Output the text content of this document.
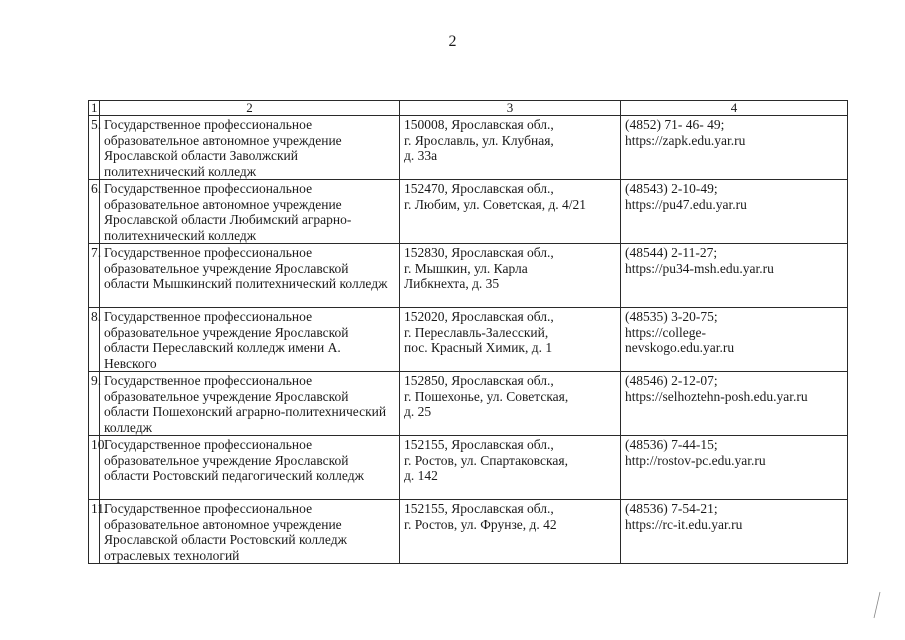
2
1	2	3	4

5.	Государственное профессиональное образовательное автономное учреждение Ярославской области Заволжский политехнический колледж	150008, Ярославская обл.,
г. Ярославль, ул. Клубная,
д. 33а	(4852) 71- 46- 49;
https://zapk.edu.yar.ru

6.	Государственное профессиональное образовательное автономное учреждение Ярославской области Любимский аграрно-политехнический колледж	152470, Ярославская обл.,
г. Любим, ул. Советская, д. 4/21	(48543) 2-10-49;
https://pu47.edu.yar.ru

7.	Государственное профессиональное образовательное учреждение Ярославской области Мышкинский политехнический колледж	152830, Ярославская обл.,
г. Мышкин, ул. Карла
Либкнехта, д. 35	(48544) 2-11-27;
https://pu34-msh.edu.yar.ru

8.	Государственное профессиональное образовательное учреждение Ярославской области Переславский колледж имени А. Невского	152020, Ярославская обл.,
г. Переславль-Залесский,
пос. Красный Химик, д. 1	(48535) 3-20-75;
https://college-
nevskogo.edu.yar.ru

9.	Государственное профессиональное образовательное учреждение Ярославской области Пошехонский аграрно-политехнический колледж	152850, Ярославская обл.,
г. Пошехонье, ул. Советская,
д. 25	(48546) 2-12-07;
https://selhoztehn-posh.edu.yar.ru

10.	Государственное профессиональное образовательное учреждение Ярославской области Ростовский педагогический колледж	152155, Ярославская обл.,
г. Ростов, ул. Спартаковская,
д. 142	(48536) 7-44-15;
http://rostov-pc.edu.yar.ru

11.	Государственное профессиональное образовательное автономное учреждение Ярославской области Ростовский колледж отраслевых технологий	152155, Ярославская обл.,
г. Ростов, ул. Фрунзе, д. 42	(48536) 7-54-21;
https://rc-it.edu.yar.ru
